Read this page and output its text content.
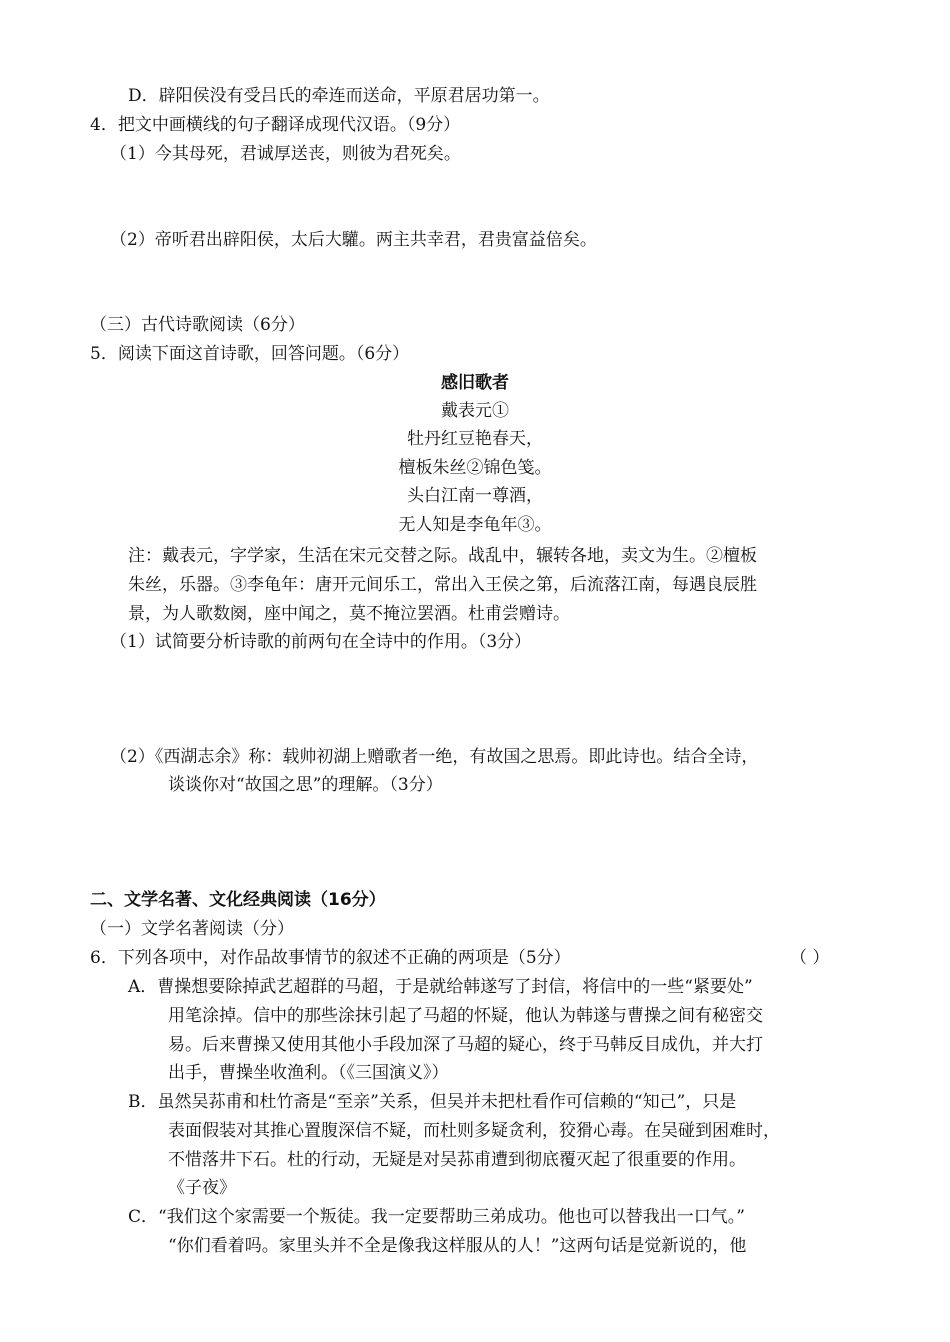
D．辟阳侯没有受吕氏的牵连而送命，平原君居功第一。
4．把文中画横线的句子翻译成现代汉语。（9分）
（1）今其母死，君诚厚送丧，则彼为君死矣。
（2）帝听君出辟阳侯，太后大驩。两主共幸君，君贵富益倍矣。
（三）古代诗歌阅读（6分）
5．阅读下面这首诗歌，回答问题。（6分）
感旧歌者
戴表元①
牡丹红豆艳春天，
檀板朱丝②锦色笺。
头白江南一尊酒，
无人知是李龟年③。
注：戴表元，字学家，生活在宋元交替之际。战乱中，辗转各地，卖文为生。②檀板
朱丝，乐器。③李龟年：唐开元间乐工，常出入王侯之第，后流落江南，每遇良辰胜
景，为人歌数阕，座中闻之，莫不掩泣罢酒。杜甫尝赠诗。
（1）试简要分析诗歌的前两句在全诗中的作用。（3分）
（2）《西湖志余》称：载帅初湖上赠歌者一绝，有故国之思焉。即此诗也。结合全诗，
谈谈你对“故国之思”的理解。（3分）
二、文学名著、文化经典阅读（16分）
（一）文学名著阅读（分）
6．下列各项中，对作品故事情节的叙述不正确的两项是（5分）	（ ）
A．曹操想要除掉武艺超群的马超，于是就给韩遂写了封信，将信中的一些“紧要处”
用笔涂掉。信中的那些涂抹引起了马超的怀疑，他认为韩遂与曹操之间有秘密交
易。后来曹操又使用其他小手段加深了马超的疑心，终于马韩反目成仇，并大打
出手，曹操坐收渔利。（《三国演义》）
B．虽然吴荪甫和杜竹斋是“至亲”关系，但吴并未把杜看作可信赖的“知己”，只是
表面假装对其推心置腹深信不疑，而杜则多疑贪利，狡猾心毒。在吴碰到困难时，
不惜落井下石。杜的行动，无疑是对吴荪甫遭到彻底覆灭起了很重要的作用。
《子夜》
C．“我们这个家需要一个叛徒。我一定要帮助三弟成功。他也可以替我出一口气。”
“你们看着吗。家里头并不全是像我这样服从的人！”这两句话是觉新说的，他
